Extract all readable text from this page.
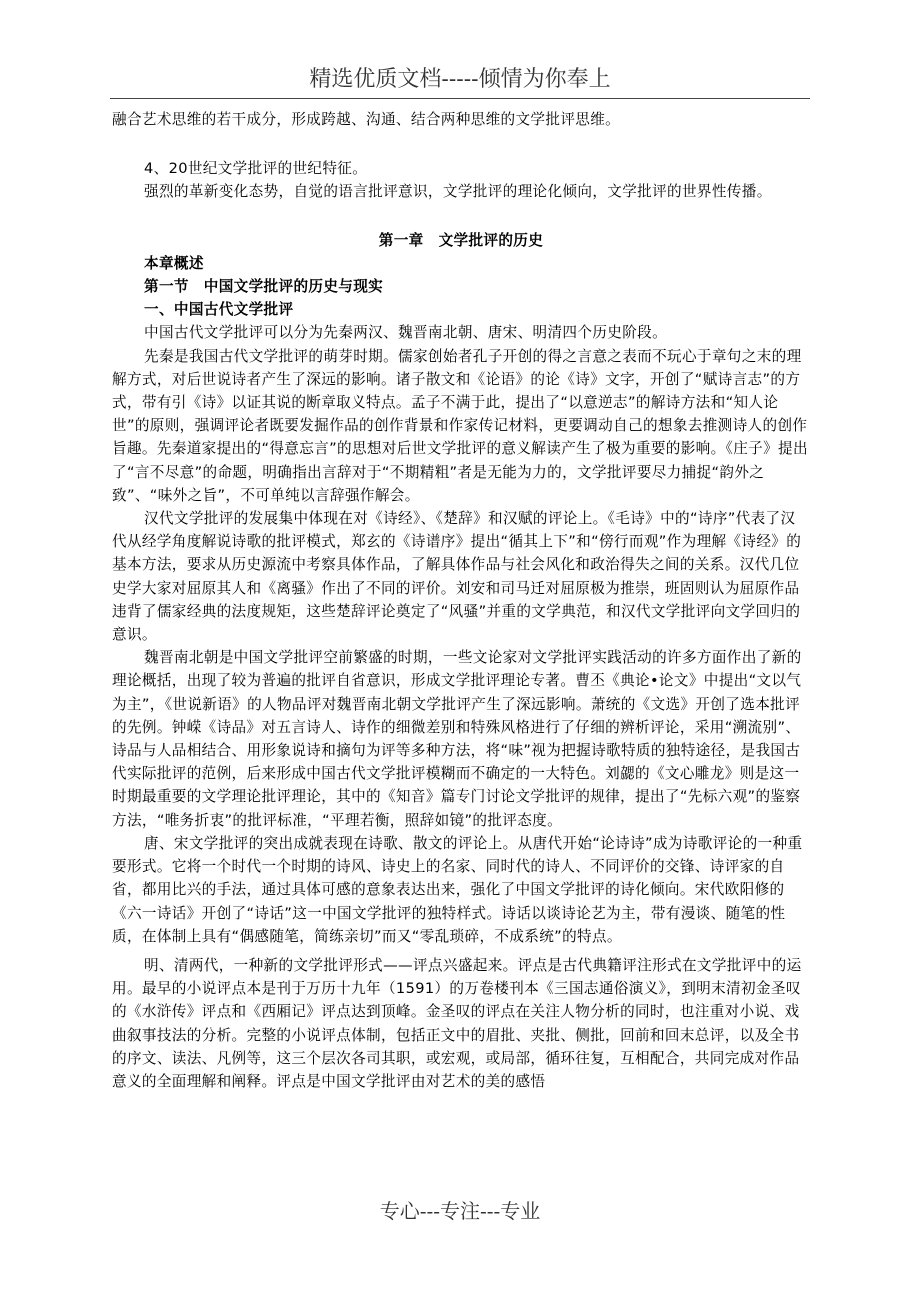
精选优质文档-----倾情为你奉上

融合艺术思维的若干成分，形成跨越、沟通、结合两种思维的文学批评思维。

4、20世纪文学批评的世纪特征。

强烈的革新变化态势，自觉的语言批评意识，文学批评的理论化倾向，文学批评的世界性传播。

第一章　文学批评的历史

本章概述

第一节　中国文学批评的历史与现实

一、中国古代文学批评

中国古代文学批评可以分为先秦两汉、魏晋南北朝、唐宋、明清四个历史阶段。

先秦是我国古代文学批评的萌芽时期。儒家创始者孔子开创的得之言意之表而不玩心于章句之末的理解方式，对后世说诗者产生了深远的影响。诸子散文和《论语》的论《诗》文字，开创了“赋诗言志”的方式，带有引《诗》以证其说的断章取义特点。孟子不满于此，提出了“以意逆志”的解诗方法和“知人论世”的原则，强调评论者既要发掘作品的创作背景和作家传记材料，更要调动自己的想象去推测诗人的创作旨趣。先秦道家提出的“得意忘言”的思想对后世文学批评的意义解读产生了极为重要的影响。《庄子》提出了“言不尽意”的命题，明确指出言辞对于“不期精粗”者是无能为力的，文学批评要尽力捕捉“韵外之致”、“味外之旨”，不可单纯以言辞强作解会。

汉代文学批评的发展集中体现在对《诗经》、《楚辞》和汉赋的评论上。《毛诗》中的“诗序”代表了汉代从经学角度解说诗歌的批评模式，郑玄的《诗谱序》提出“循其上下”和“傍行而观”作为理解《诗经》的基本方法，要求从历史源流中考察具体作品，了解具体作品与社会风化和政治得失之间的关系。汉代几位史学大家对屈原其人和《离骚》作出了不同的评价。刘安和司马迁对屈原极为推崇，班固则认为屈原作品违背了儒家经典的法度规矩，这些楚辞评论奠定了“风骚”并重的文学典范，和汉代文学批评向文学回归的意识。

魏晋南北朝是中国文学批评空前繁盛的时期，一些文论家对文学批评实践活动的许多方面作出了新的理论概括，出现了较为普遍的批评自省意识，形成文学批评理论专著。曹丕《典论•论文》中提出“文以气为主”，《世说新语》的人物品评对魏晋南北朝文学批评产生了深远影响。萧统的《文选》开创了选本批评的先例。钟嵘《诗品》对五言诗人、诗作的细微差别和特殊风格进行了仔细的辨析评论，采用“溯流别”、诗品与人品相结合、用形象说诗和摘句为评等多种方法，将“味”视为把握诗歌特质的独特途径，是我国古代实际批评的范例，后来形成中国古代文学批评模糊而不确定的一大特色。刘勰的《文心雕龙》则是这一时期最重要的文学理论批评理论，其中的《知音》篇专门讨论文学批评的规律，提出了“先标六观”的鉴察方法，“唯务折衷”的批评标准，“平理若衡，照辞如镜”的批评态度。

唐、宋文学批评的突出成就表现在诗歌、散文的评论上。从唐代开始“论诗诗”成为诗歌评论的一种重要形式。它将一个时代一个时期的诗风、诗史上的名家、同时代的诗人、不同评价的交锋、诗评家的自省，都用比兴的手法，通过具体可感的意象表达出来，强化了中国文学批评的诗化倾向。宋代欧阳修的《六一诗话》开创了“诗话”这一中国文学批评的独特样式。诗话以谈诗论艺为主，带有漫谈、随笔的性质，在体制上具有“偶感随笔，简练亲切”而又“零乱琐碎，不成系统”的特点。

明、清两代，一种新的文学批评形式——评点兴盛起来。评点是古代典籍评注形式在文学批评中的运用。最早的小说评点本是刊于万历十九年（1591）的万卷楼刊本《三国志通俗演义》，到明末清初金圣叹的《水浒传》评点和《西厢记》评点达到顶峰。金圣叹的评点在关注人物分析的同时，也注重对小说、戏曲叙事技法的分析。完整的小说评点体制，包括正文中的眉批、夹批、侧批，回前和回末总评，以及全书的序文、读法、凡例等，这三个层次各司其职，或宏观，或局部，循环往复，互相配合，共同完成对作品意义的全面理解和阐释。评点是中国文学批评由对艺术的美的感悟

专心---专注---专业
